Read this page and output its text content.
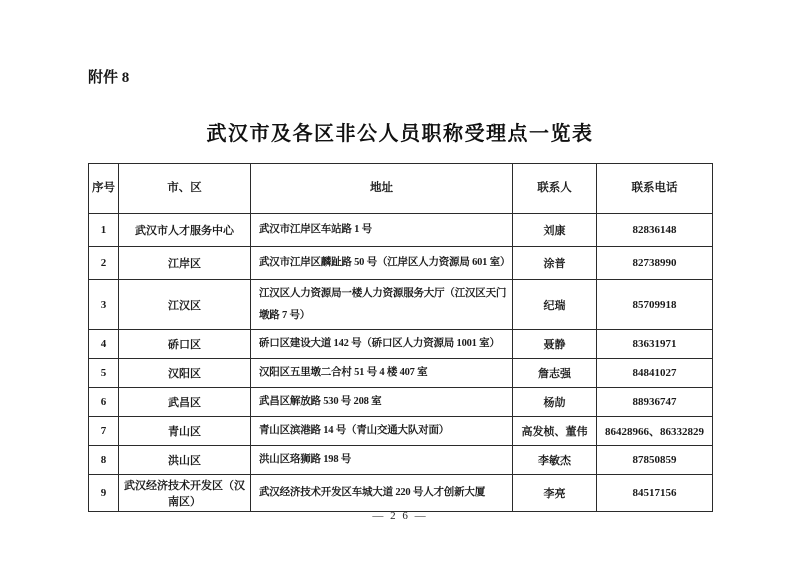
附件 8
武汉市及各区非公人员职称受理点一览表
序号	市、区	地址	联系人	联系电话
1	武汉市人才服务中心	武汉市江岸区车站路 1 号	刘康	82836148
2	江岸区	武汉市江岸区麟趾路 50 号（江岸区人力资源局 601 室）	涂普	82738990
3	江汉区	江汉区人力资源局一楼人力资源服务大厅（江汉区天门墩路 7 号）	纪瑞	85709918
4	硚口区	硚口区建设大道 142 号（硚口区人力资源局 1001 室）	聂静	83631971
5	汉阳区	汉阳区五里墩二合村 51 号 4 楼 407 室	詹志强	84841027
6	武昌区	武昌区解放路 530 号 208 室	杨劼	88936747
7	青山区	青山区滨港路 14 号（青山交通大队对面）	高发桢、董伟	86428966、86332829
8	洪山区	洪山区珞狮路 198 号	李敏杰	87850859
9	武汉经济技术开发区（汉南区）	武汉经济技术开发区车城大道 220 号人才创新大厦	李亮	84517156
— 2 6 —
